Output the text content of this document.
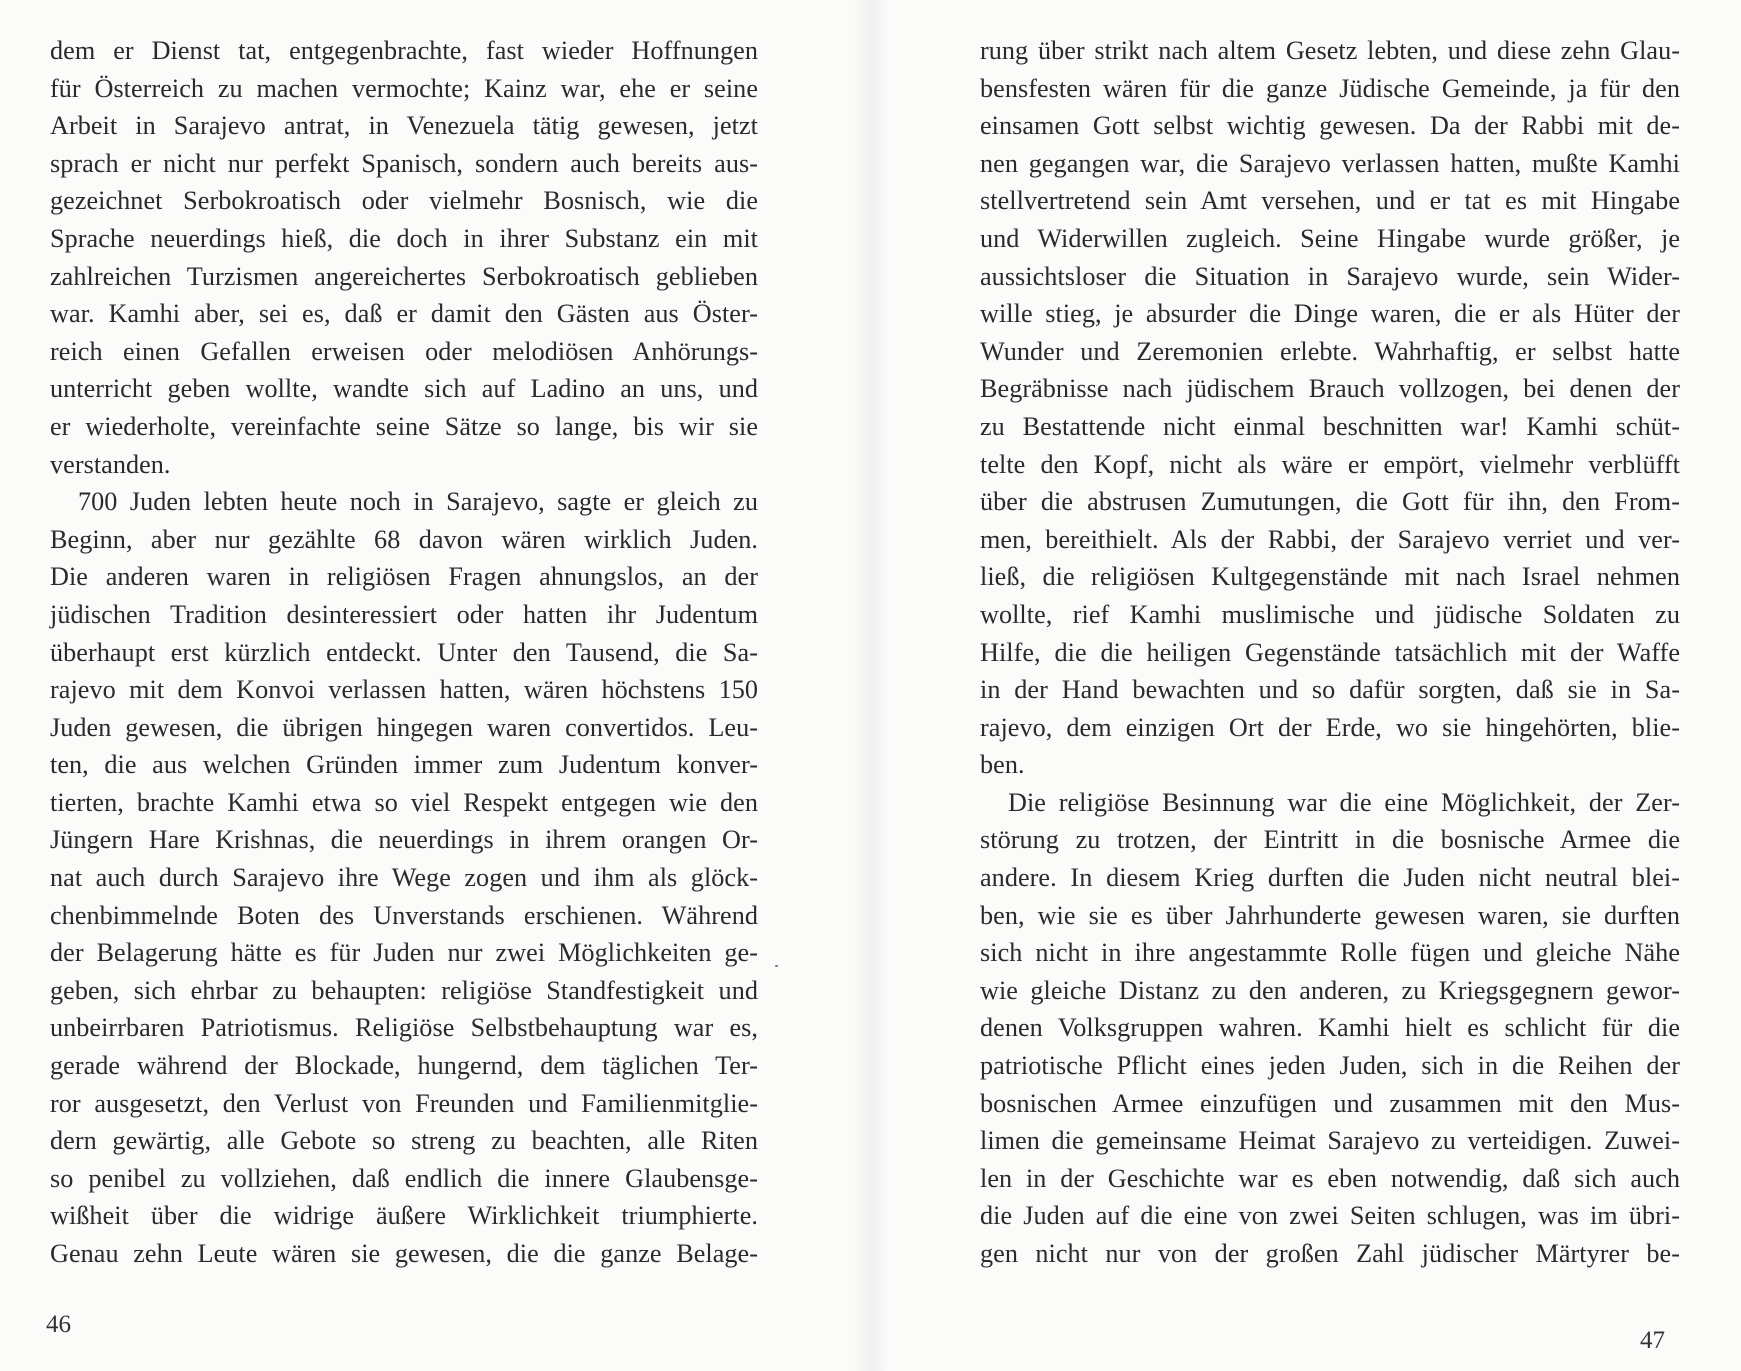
dem er Dienst tat, entgegenbrachte, fast wieder Hoffnungen
für Österreich zu machen vermochte; Kainz war, ehe er seine
Arbeit in Sarajevo antrat, in Venezuela tätig gewesen, jetzt
sprach er nicht nur perfekt Spanisch, sondern auch bereits aus-
gezeichnet Serbokroatisch oder vielmehr Bosnisch, wie die
Sprache neuerdings hieß, die doch in ihrer Substanz ein mit
zahlreichen Turzismen angereichertes Serbokroatisch geblieben
war. Kamhi aber, sei es, daß er damit den Gästen aus Öster-
reich einen Gefallen erweisen oder melodiösen Anhörungs-
unterricht geben wollte, wandte sich auf Ladino an uns, und
er wiederholte, vereinfachte seine Sätze so lange, bis wir sie
verstanden.
700 Juden lebten heute noch in Sarajevo, sagte er gleich zu
Beginn, aber nur gezählte 68 davon wären wirklich Juden.
Die anderen waren in religiösen Fragen ahnungslos, an der
jüdischen Tradition desinteressiert oder hatten ihr Judentum
überhaupt erst kürzlich entdeckt. Unter den Tausend, die Sa-
rajevo mit dem Konvoi verlassen hatten, wären höchstens 150
Juden gewesen, die übrigen hingegen waren convertidos. Leu-
ten, die aus welchen Gründen immer zum Judentum konver-
tierten, brachte Kamhi etwa so viel Respekt entgegen wie den
Jüngern Hare Krishnas, die neuerdings in ihrem orangen Or-
nat auch durch Sarajevo ihre Wege zogen und ihm als glöck-
chenbimmelnde Boten des Unverstands erschienen. Während
der Belagerung hätte es für Juden nur zwei Möglichkeiten ge-
geben, sich ehrbar zu behaupten: religiöse Standfestigkeit und
unbeirrbaren Patriotismus. Religiöse Selbstbehauptung war es,
gerade während der Blockade, hungernd, dem täglichen Ter-
ror ausgesetzt, den Verlust von Freunden und Familienmitglie-
dern gewärtig, alle Gebote so streng zu beachten, alle Riten
so penibel zu vollziehen, daß endlich die innere Glaubensge-
wißheit über die widrige äußere Wirklichkeit triumphierte.
Genau zehn Leute wären sie gewesen, die die ganze Belage-
rung über strikt nach altem Gesetz lebten, und diese zehn Glau-
bensfesten wären für die ganze Jüdische Gemeinde, ja für den
einsamen Gott selbst wichtig gewesen. Da der Rabbi mit de-
nen gegangen war, die Sarajevo verlassen hatten, mußte Kamhi
stellvertretend sein Amt versehen, und er tat es mit Hingabe
und Widerwillen zugleich. Seine Hingabe wurde größer, je
aussichtsloser die Situation in Sarajevo wurde, sein Wider-
wille stieg, je absurder die Dinge waren, die er als Hüter der
Wunder und Zeremonien erlebte. Wahrhaftig, er selbst hatte
Begräbnisse nach jüdischem Brauch vollzogen, bei denen der
zu Bestattende nicht einmal beschnitten war! Kamhi schüt-
telte den Kopf, nicht als wäre er empört, vielmehr verblüfft
über die abstrusen Zumutungen, die Gott für ihn, den From-
men, bereithielt. Als der Rabbi, der Sarajevo verriet und ver-
ließ, die religiösen Kultgegenstände mit nach Israel nehmen
wollte, rief Kamhi muslimische und jüdische Soldaten zu
Hilfe, die die heiligen Gegenstände tatsächlich mit der Waffe
in der Hand bewachten und so dafür sorgten, daß sie in Sa-
rajevo, dem einzigen Ort der Erde, wo sie hingehörten, blie-
ben.
Die religiöse Besinnung war die eine Möglichkeit, der Zer-
störung zu trotzen, der Eintritt in die bosnische Armee die
andere. In diesem Krieg durften die Juden nicht neutral blei-
ben, wie sie es über Jahrhunderte gewesen waren, sie durften
sich nicht in ihre angestammte Rolle fügen und gleiche Nähe
wie gleiche Distanz zu den anderen, zu Kriegsgegnern gewor-
denen Volksgruppen wahren. Kamhi hielt es schlicht für die
patriotische Pflicht eines jeden Juden, sich in die Reihen der
bosnischen Armee einzufügen und zusammen mit den Mus-
limen die gemeinsame Heimat Sarajevo zu verteidigen. Zuwei-
len in der Geschichte war es eben notwendig, daß sich auch
die Juden auf die eine von zwei Seiten schlugen, was im übri-
gen nicht nur von der großen Zahl jüdischer Märtyrer be-
46
47
